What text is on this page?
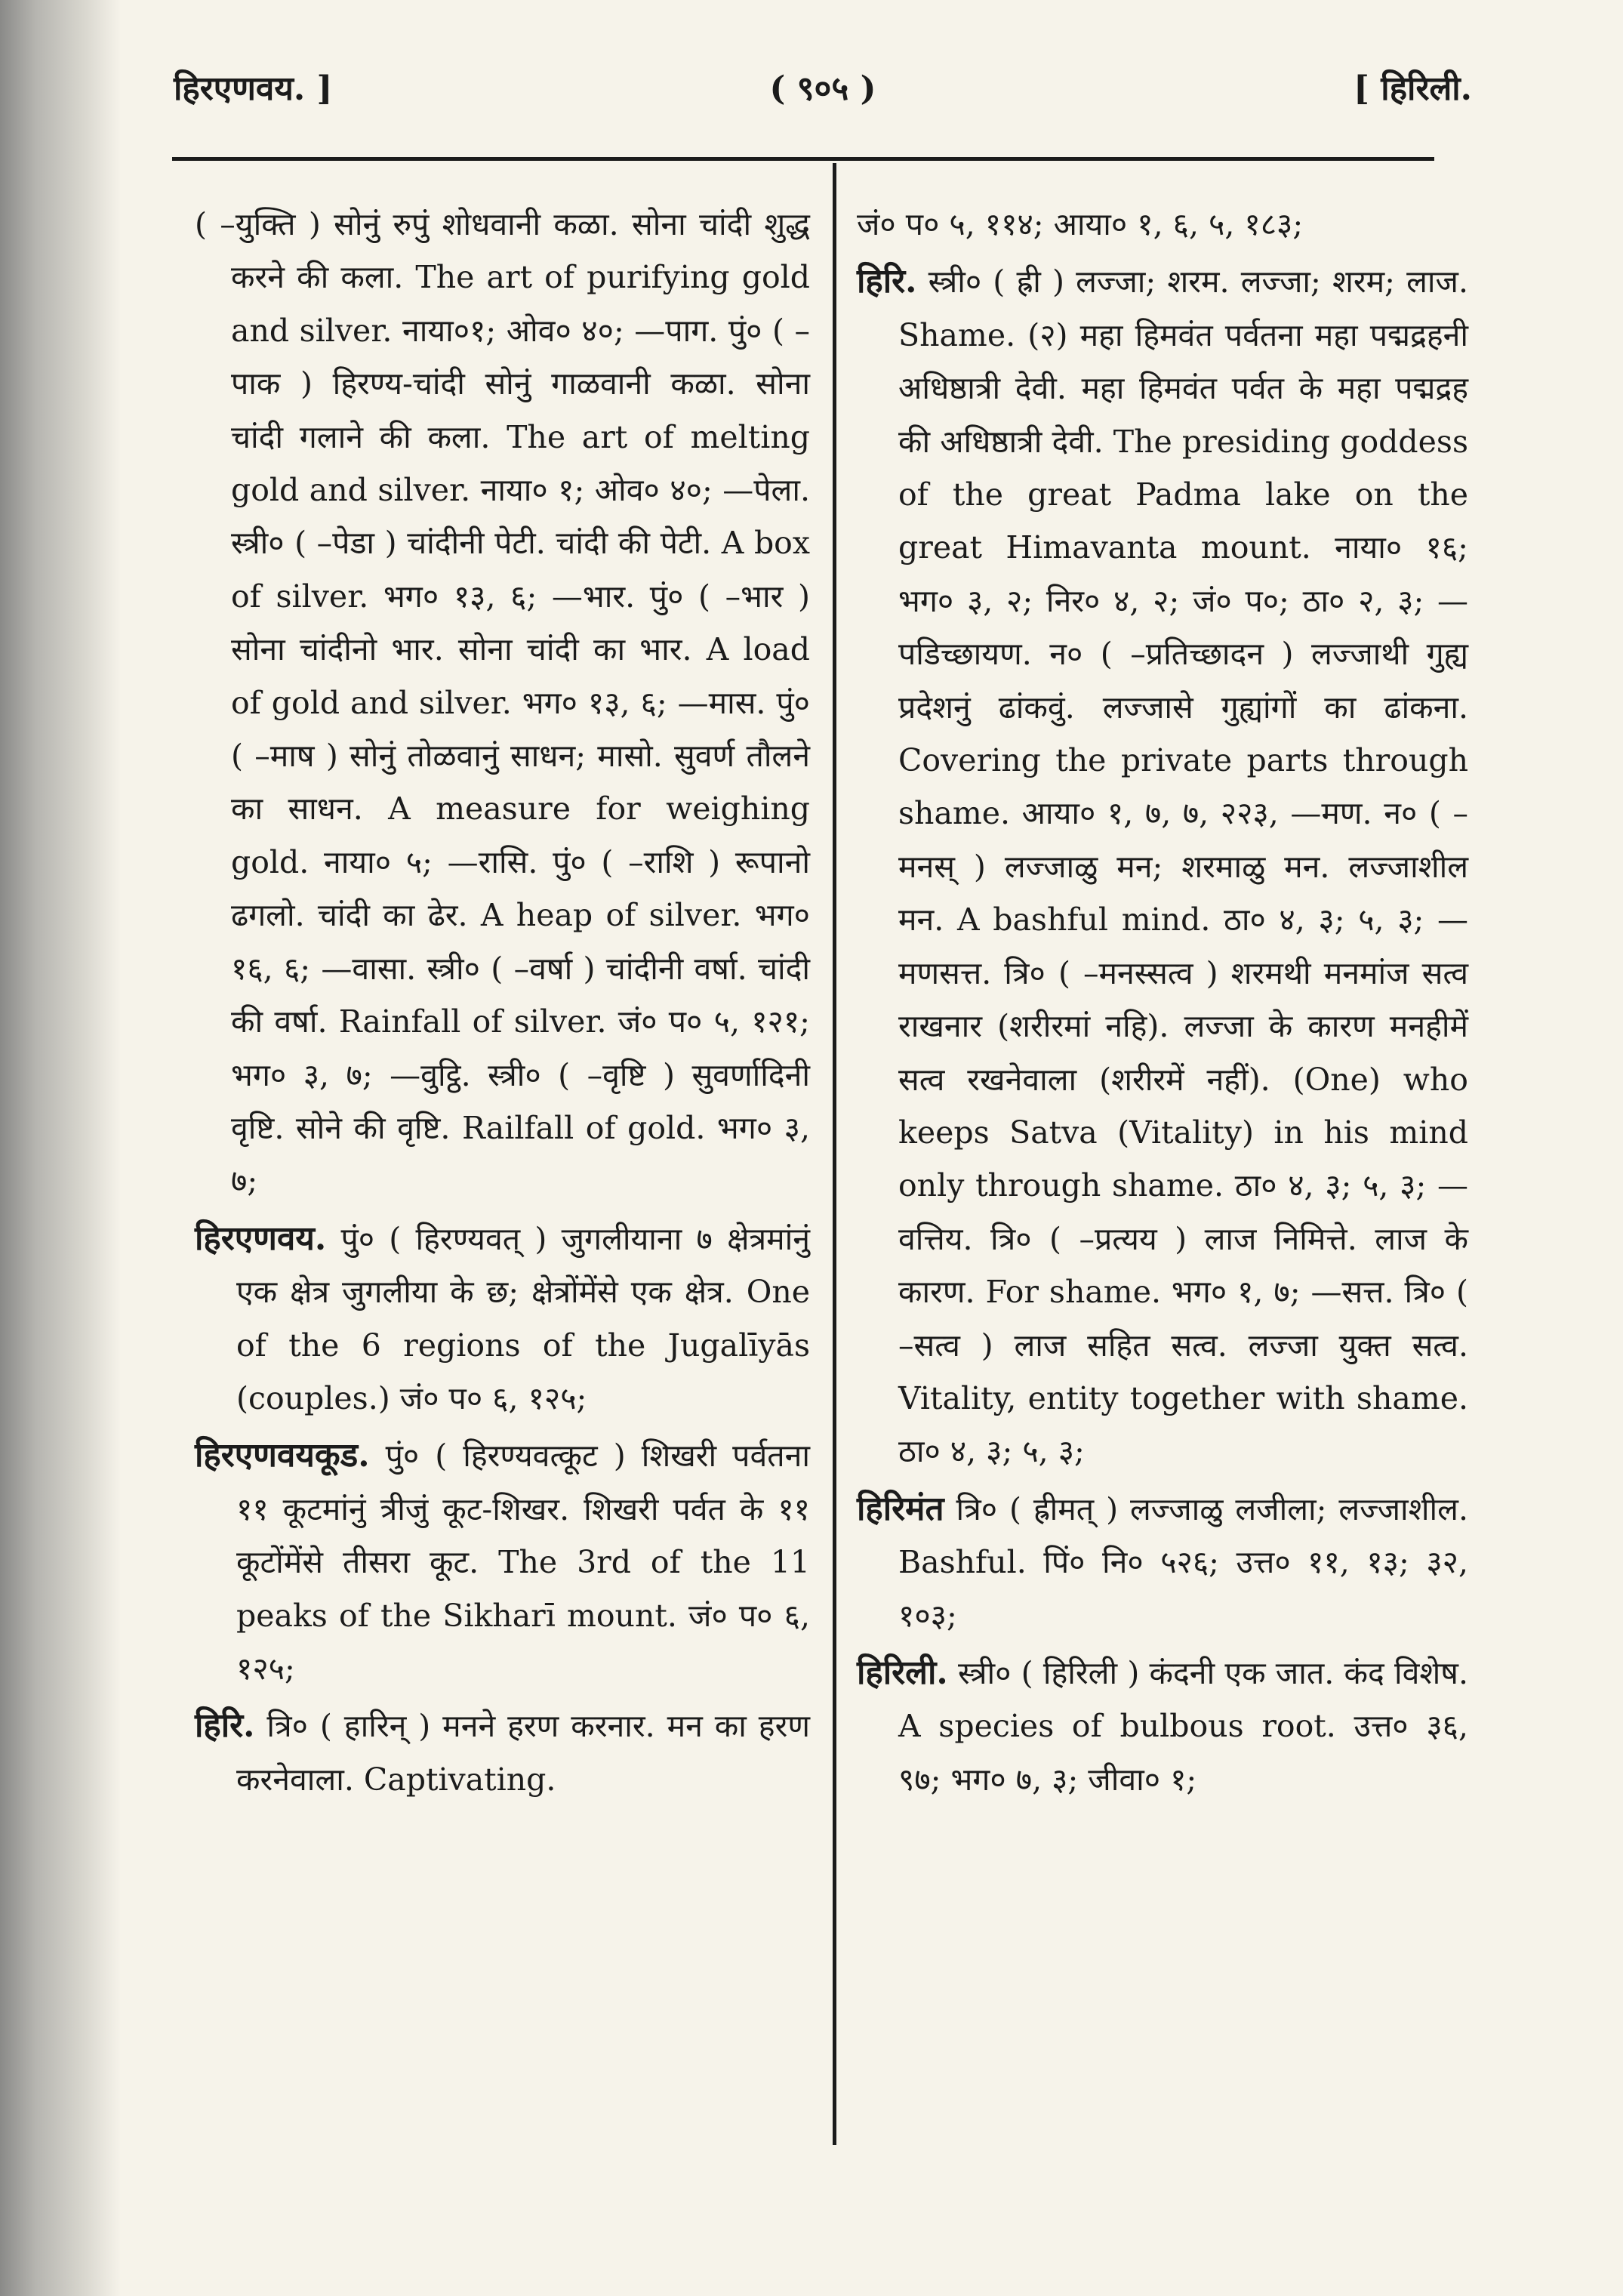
हिरएणवय. ]	( ९०५ )	[ हिरिली.

( –युक्ति ) सोनुं रुपुं शोधवानी कळा. सोना चांदी शुद्ध करने की कला. The art of purifying gold and silver. नाया०१; ओव० ४०; —पाग. पुं० ( –पाक ) हिरण्य-चांदी सोनुं गाळवानी कळा. सोना चांदी गलाने की कला. The art of melting gold and silver. नाया० १; ओव० ४०; —पेला. स्त्री० ( –पेडा ) चांदीनी पेटी. चांदी की पेटी. A box of silver. भग० १३, ६; —भार. पुं० ( –भार ) सोना चांदीनो भार. सोना चांदी का भार. A load of gold and silver. भग० १३, ६; —मास. पुं० ( –माष ) सोनुं तोळवानुं साधन; मासो. सुवर्ण तौलने का साधन. A measure for weighing gold. नाया० ५; —रासि. पुं० ( –राशि ) रूपानो ढगलो. चांदी का ढेर. A heap of silver. भग० १६, ६; —वासा. स्त्री० ( –वर्षा ) चांदीनी वर्षा. चांदी की वर्षा. Rainfall of silver. जं० प० ५, १२१; भग० ३, ७; —वुट्ठि. स्त्री० ( –वृष्टि ) सुवर्णादिनी वृष्टि. सोने की वृष्टि. Railfall of gold. भग० ३, ७;

हिरएणवय. पुं० ( हिरण्यवत् ) जुगलीयाना ७ क्षेत्रमांनुं एक क्षेत्र जुगलीया के छ; क्षेत्रोंमेंसे एक क्षेत्र. One of the 6 regions of the Jugalīyās (couples.) जं० प० ६, १२५;

हिरएणवयकूड. पुं० ( हिरण्यवत्कूट ) शिखरी पर्वतना ११ कूटमांनुं त्रीजुं कूट-शिखर. शिखरी पर्वत के ११ कूटोंमेंसे तीसरा कूट. The 3rd of the 11 peaks of the Sikharī mount. जं० प० ६, १२५;

हिरि. त्रि० ( हारिन् ) मनने हरण करनार. मन का हरण करनेवाला. Captivating.

जं० प० ५, ११४; आया० १, ६, ५, १८३;

हिरि. स्त्री० ( ह्री ) लज्जा; शरम. लज्जा; शरम; लाज. Shame. (२) महा हिमवंत पर्वतना महा पद्मद्रहनी अधिष्ठात्री देवी. महा हिमवंत पर्वत के महा पद्मद्रह की अधिष्ठात्री देवी. The presiding goddess of the great Padma lake on the great Himavanta mount. नाया० १६; भग० ३, २; निर० ४, २; जं० प०; ठा० २, ३; —पडिच्छायण. न० ( –प्रतिच्छादन ) लज्जाथी गुह्य प्रदेशनुं ढांकवुं. लज्जासे गुह्यांगों का ढांकना. Covering the private parts through shame. आया० १, ७, ७, २२३, —मण. न० ( –मनस् ) लज्जाळु मन; शरमाळु मन. लज्जाशील मन. A bashful mind. ठा० ४, ३; ५, ३; —मणसत्त. त्रि० ( –मनस्सत्व ) शरमथी मनमांज सत्व राखनार (शरीरमां नहि). लज्जा के कारण मनहीमें सत्व रखनेवाला (शरीरमें नहीं). (One) who keeps Satva (Vitality) in his mind only through shame. ठा० ४, ३; ५, ३; —वत्तिय. त्रि० ( –प्रत्यय ) लाज निमित्ते. लाज के कारण. For shame. भग० १, ७; —सत्त. त्रि० ( –सत्व ) लाज सहित सत्व. लज्जा युक्त सत्व. Vitality, entity together with shame. ठा० ४, ३; ५, ३;

हिरिमंत त्रि० ( ह्रीमत् ) लज्जाळु लजीला; लज्जाशील. Bashful. पिं० नि० ५२६; उत्त० ११, १३; ३२, १०३;

हिरिली. स्त्री० ( हिरिली ) कंदनी एक जात. कंद विशेष. A species of bulbous root. उत्त० ३६, ९७; भग० ७, ३; जीवा० १;
